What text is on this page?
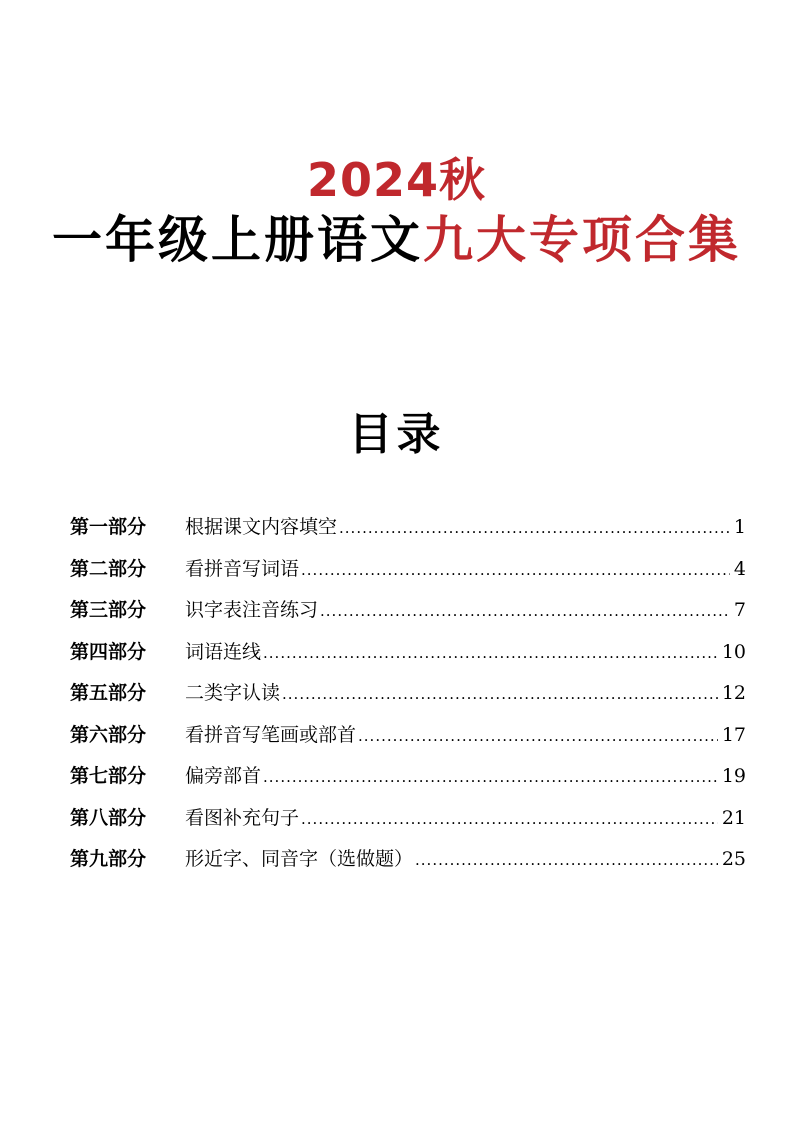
2024秋
一年级上册语文九大专项合集
目录
第一部分	根据课文内容填空 .....	1
第二部分	看拼音写词语 .....	4
第三部分	识字表注音练习 .....	7
第四部分	词语连线 .....	10
第五部分	二类字认读 .....	12
第六部分	看拼音写笔画或部首 .....	17
第七部分	偏旁部首 .....	19
第八部分	看图补充句子 .....	21
第九部分	形近字、同音字（选做题） .....	25
